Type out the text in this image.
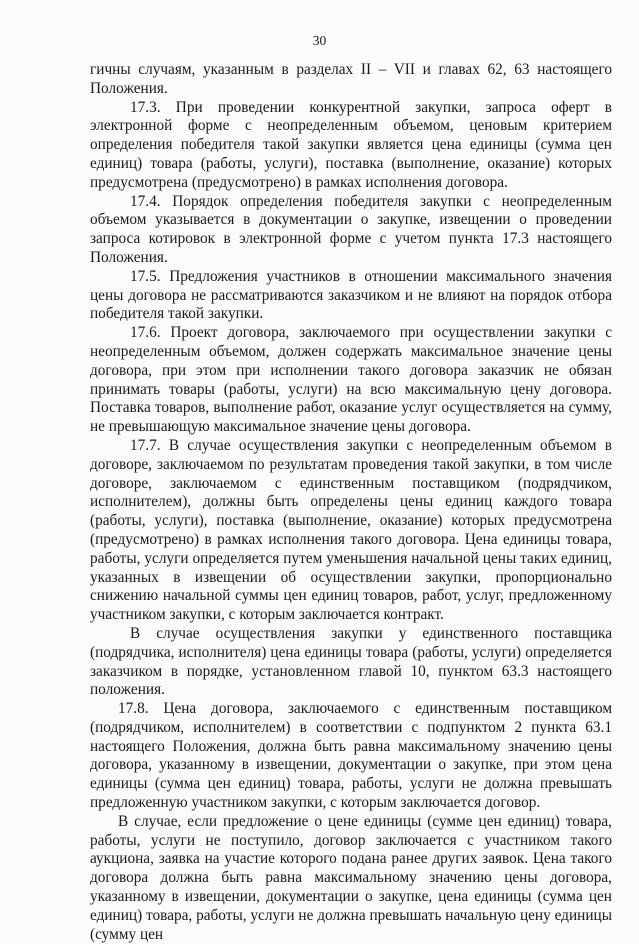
30

гичны случаям, указанным в разделах II – VII и главах 62, 63 настоящего Положения.

17.3. При проведении конкурентной закупки, запроса оферт в электронной форме с неопределенным объемом, ценовым критерием определения победителя такой закупки является цена единицы (сумма цен единиц) товара (работы, услуги), поставка (выполнение, оказание) которых предусмотрена (предусмотрено) в рамках исполнения договора.

17.4. Порядок определения победителя закупки с неопределенным объемом указывается в документации о закупке, извещении о проведении запроса котировок в электронной форме с учетом пункта 17.3 настоящего Положения.

17.5. Предложения участников в отношении максимального значения цены договора не рассматриваются заказчиком и не влияют на порядок отбора победителя такой закупки.

17.6. Проект договора, заключаемого при осуществлении закупки с неопределенным объемом, должен содержать максимальное значение цены договора, при этом при исполнении такого договора заказчик не обязан принимать товары (работы, услуги) на всю максимальную цену договора. Поставка товаров, выполнение работ, оказание услуг осуществляется на сумму, не превышающую максимальное значение цены договора.

17.7. В случае осуществления закупки с неопределенным объемом в договоре, заключаемом по результатам проведения такой закупки, в том числе договоре, заключаемом с единственным поставщиком (подрядчиком, исполнителем), должны быть определены цены единиц каждого товара (работы, услуги), поставка (выполнение, оказание) которых предусмотрена (предусмотрено) в рамках исполнения такого договора. Цена единицы товара, работы, услуги определяется путем уменьшения начальной цены таких единиц, указанных в извещении об осуществлении закупки, пропорционально снижению начальной суммы цен единиц товаров, работ, услуг, предложенному участником закупки, с которым заключается контракт.

В случае осуществления закупки у единственного поставщика (подрядчика, исполнителя) цена единицы товара (работы, услуги) определяется заказчиком в порядке, установленном главой 10, пунктом 63.3 настоящего положения.

17.8. Цена договора, заключаемого с единственным поставщиком (подрядчиком, исполнителем) в соответствии с подпунктом 2 пункта 63.1 настоящего Положения, должна быть равна максимальному значению цены договора, указанному в извещении, документации о закупке, при этом цена единицы (сумма цен единиц) товара, работы, услуги не должна превышать предложенную участником закупки, с которым заключается договор.

В случае, если предложение о цене единицы (сумме цен единиц) товара, работы, услуги не поступило, договор заключается с участником такого аукциона, заявка на участие которого подана ранее других заявок. Цена такого договора должна быть равна максимальному значению цены договора, указанному в извещении, документации о закупке, цена единицы (сумма цен единиц) товара, работы, услуги не должна превышать начальную цену единицы (сумму цен
